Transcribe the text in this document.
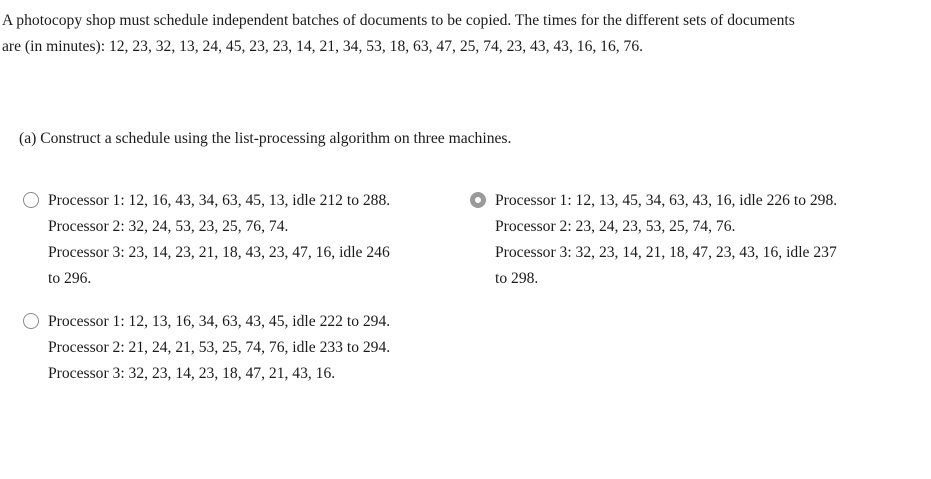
A photocopy shop must schedule independent batches of documents to be copied. The times for the different sets of documents
are (in minutes): 12, 23, 32, 13, 24, 45, 23, 23, 14, 21, 34, 53, 18, 63, 47, 25, 74, 23, 43, 43, 16, 16, 76.

(a) Construct a schedule using the list-processing algorithm on three machines.

Processor 1: 12, 16, 43, 34, 63, 45, 13, idle 212 to 288.
Processor 2: 32, 24, 53, 23, 25, 76, 74.
Processor 3: 23, 14, 23, 21, 18, 43, 23, 47, 16, idle 246
to 296.
Processor 1: 12, 13, 45, 34, 63, 43, 16, idle 226 to 298.
Processor 2: 23, 24, 23, 53, 25, 74, 76.
Processor 3: 32, 23, 14, 21, 18, 47, 23, 43, 16, idle 237
to 298.
Processor 1: 12, 13, 16, 34, 63, 43, 45, idle 222 to 294.
Processor 2: 21, 24, 21, 53, 25, 74, 76, idle 233 to 294.
Processor 3: 32, 23, 14, 23, 18, 47, 21, 43, 16.
